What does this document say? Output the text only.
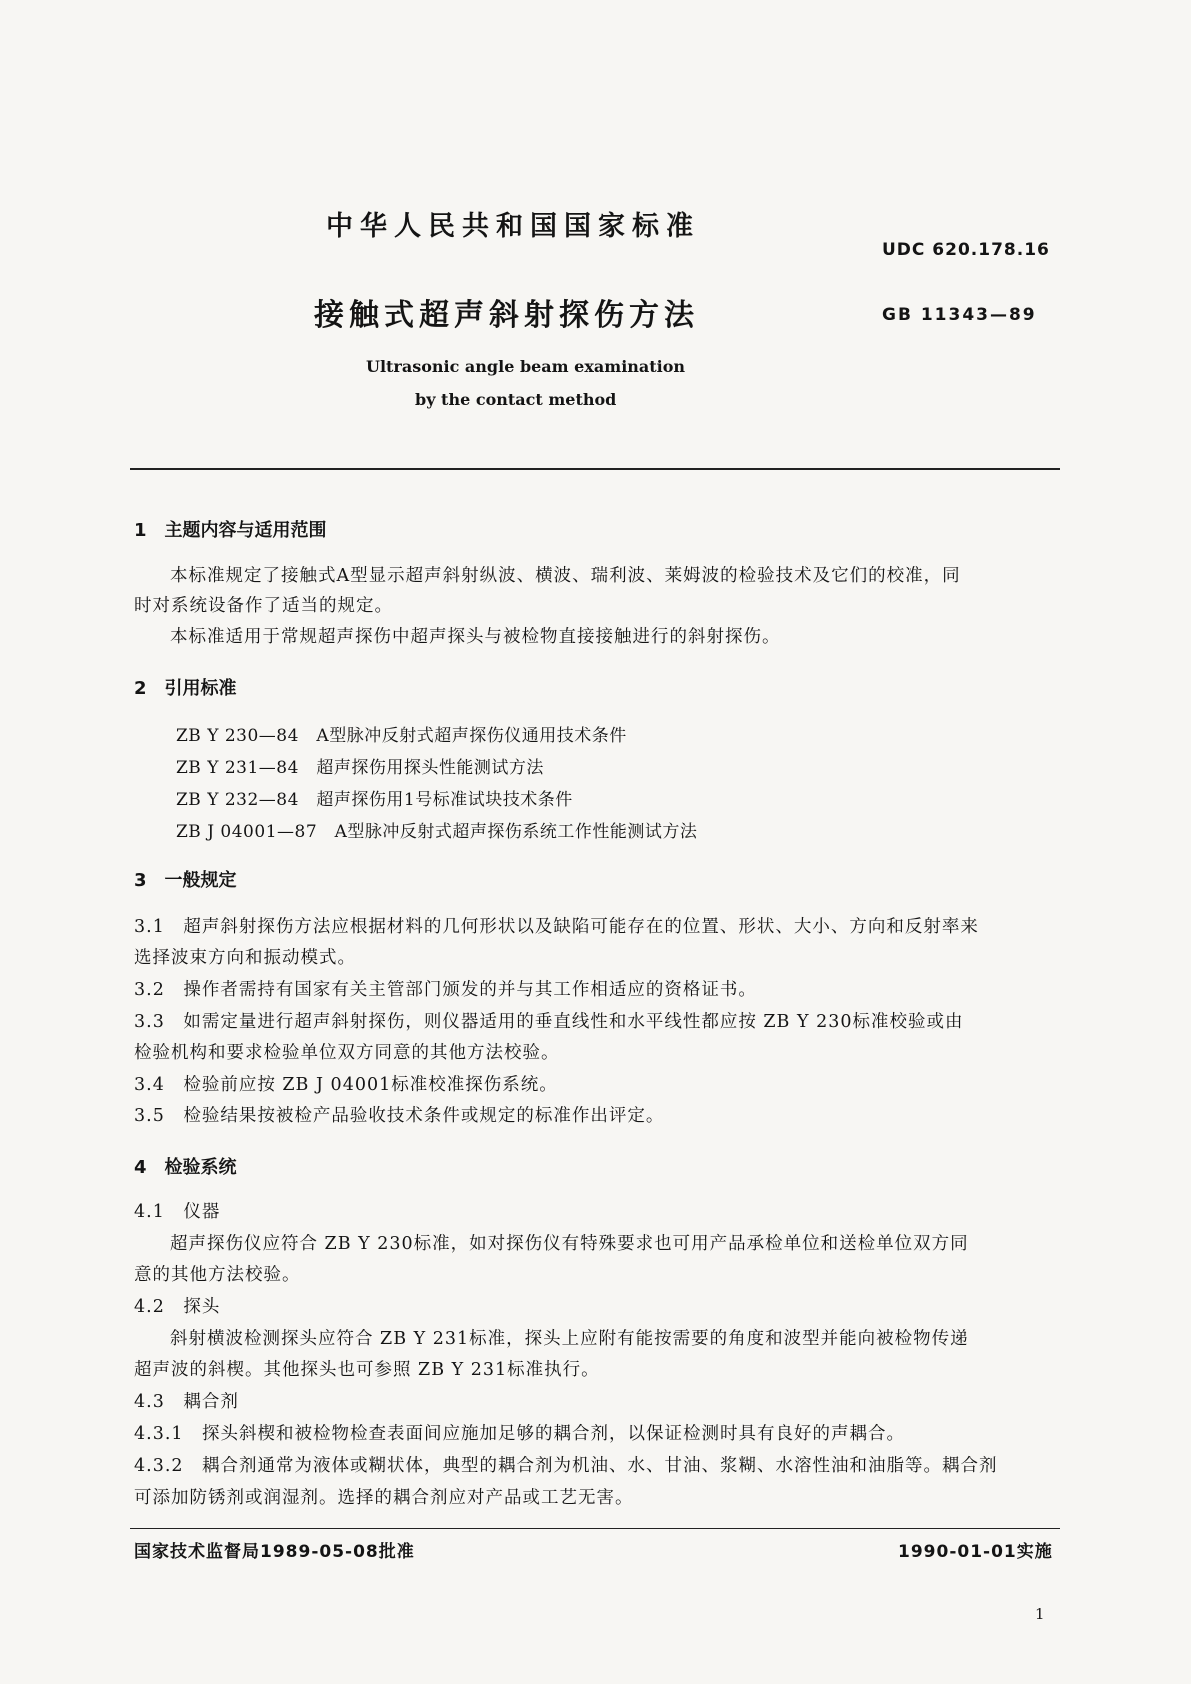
中华人民共和国国家标准
UDC 620.178.16
接触式超声斜射探伤方法	GB 11343—89
Ultrasonic angle beam examination
by the contact method
1　主题内容与适用范围
本标准规定了接触式A型显示超声斜射纵波、横波、瑞利波、莱姆波的检验技术及它们的校准，同
时对系统设备作了适当的规定。
本标准适用于常规超声探伤中超声探头与被检物直接接触进行的斜射探伤。
2　引用标准
ZB Y 230—84　A型脉冲反射式超声探伤仪通用技术条件
ZB Y 231—84　超声探伤用探头性能测试方法
ZB Y 232—84　超声探伤用1号标准试块技术条件
ZB J 04001—87　A型脉冲反射式超声探伤系统工作性能测试方法
3　一般规定
3.1　超声斜射探伤方法应根据材料的几何形状以及缺陷可能存在的位置、形状、大小、方向和反射率来
选择波束方向和振动模式。
3.2　操作者需持有国家有关主管部门颁发的并与其工作相适应的资格证书。
3.3　如需定量进行超声斜射探伤，则仪器适用的垂直线性和水平线性都应按 ZB Y 230标准校验或由
检验机构和要求检验单位双方同意的其他方法校验。
3.4　检验前应按 ZB J 04001标准校准探伤系统。
3.5　检验结果按被检产品验收技术条件或规定的标准作出评定。
4　检验系统
4.1　仪器
超声探伤仪应符合 ZB Y 230标准，如对探伤仪有特殊要求也可用产品承检单位和送检单位双方同
意的其他方法校验。
4.2　探头
斜射横波检测探头应符合 ZB Y 231标准，探头上应附有能按需要的角度和波型并能向被检物传递
超声波的斜楔。其他探头也可参照 ZB Y 231标准执行。
4.3　耦合剂
4.3.1　探头斜楔和被检物检查表面间应施加足够的耦合剂，以保证检测时具有良好的声耦合。
4.3.2　耦合剂通常为液体或糊状体，典型的耦合剂为机油、水、甘油、浆糊、水溶性油和油脂等。耦合剂
可添加防锈剂或润湿剂。选择的耦合剂应对产品或工艺无害。
国家技术监督局1989-05-08批准	1990-01-01实施
1
